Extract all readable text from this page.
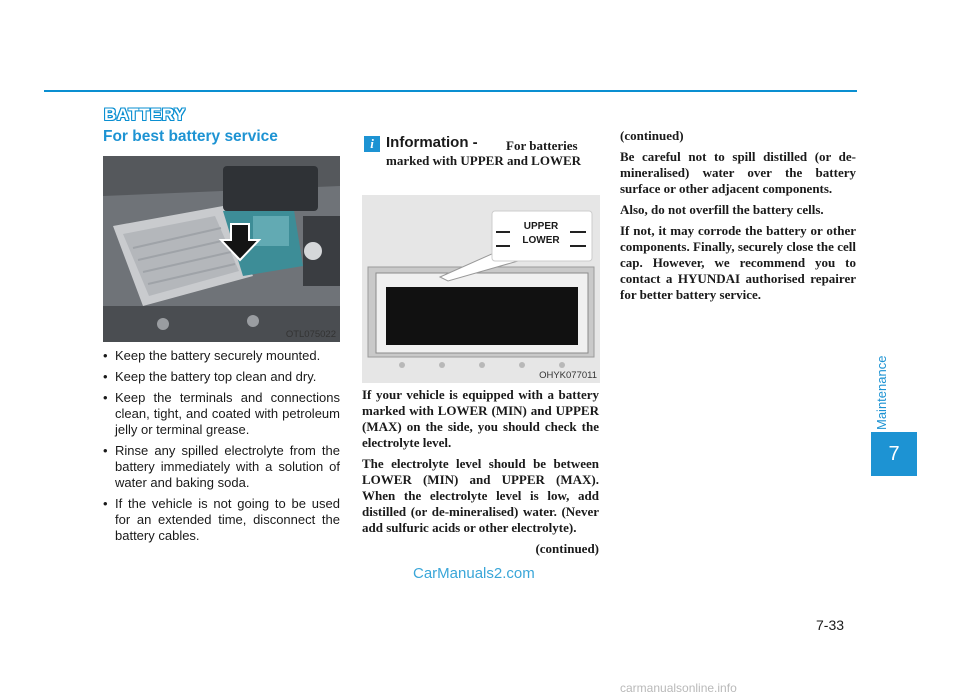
BATTERY
For best battery service
OTL075022
• Keep the battery securely mounted.
• Keep the battery top clean and dry.
• Keep the terminals and connections clean, tight, and coated with petroleum jelly or terminal grease.
• Rinse any spilled electrolyte from the battery immediately with a solution of water and baking soda.
• If the vehicle is not going to be used for an extended time, disconnect the battery cables.
i Information -	For batteries marked with UPPER and LOWER
UPPER
LOWER
OHYK077011

If your vehicle is equipped with a battery marked with LOWER (MIN) and UPPER (MAX) on the side, you should check the electrolyte level.

The electrolyte level should be between LOWER (MIN) and UPPER (MAX). When the electrolyte level is low, add distilled (or de-mineralised) water. (Never add sulfuric acids or other electrolyte).

(continued)

(continued)

Be careful not to spill distilled (or de-mineralised) water over the battery surface or other adjacent components.

Also, do not overfill the battery cells.

If not, it may corrode the battery or other components. Finally, securely close the cell cap. However, we recommend you to contact a HYUNDAI authorised repairer for better battery service.

CarManuals2.com
Maintenance
7
7-33
carmanualsonline.info
